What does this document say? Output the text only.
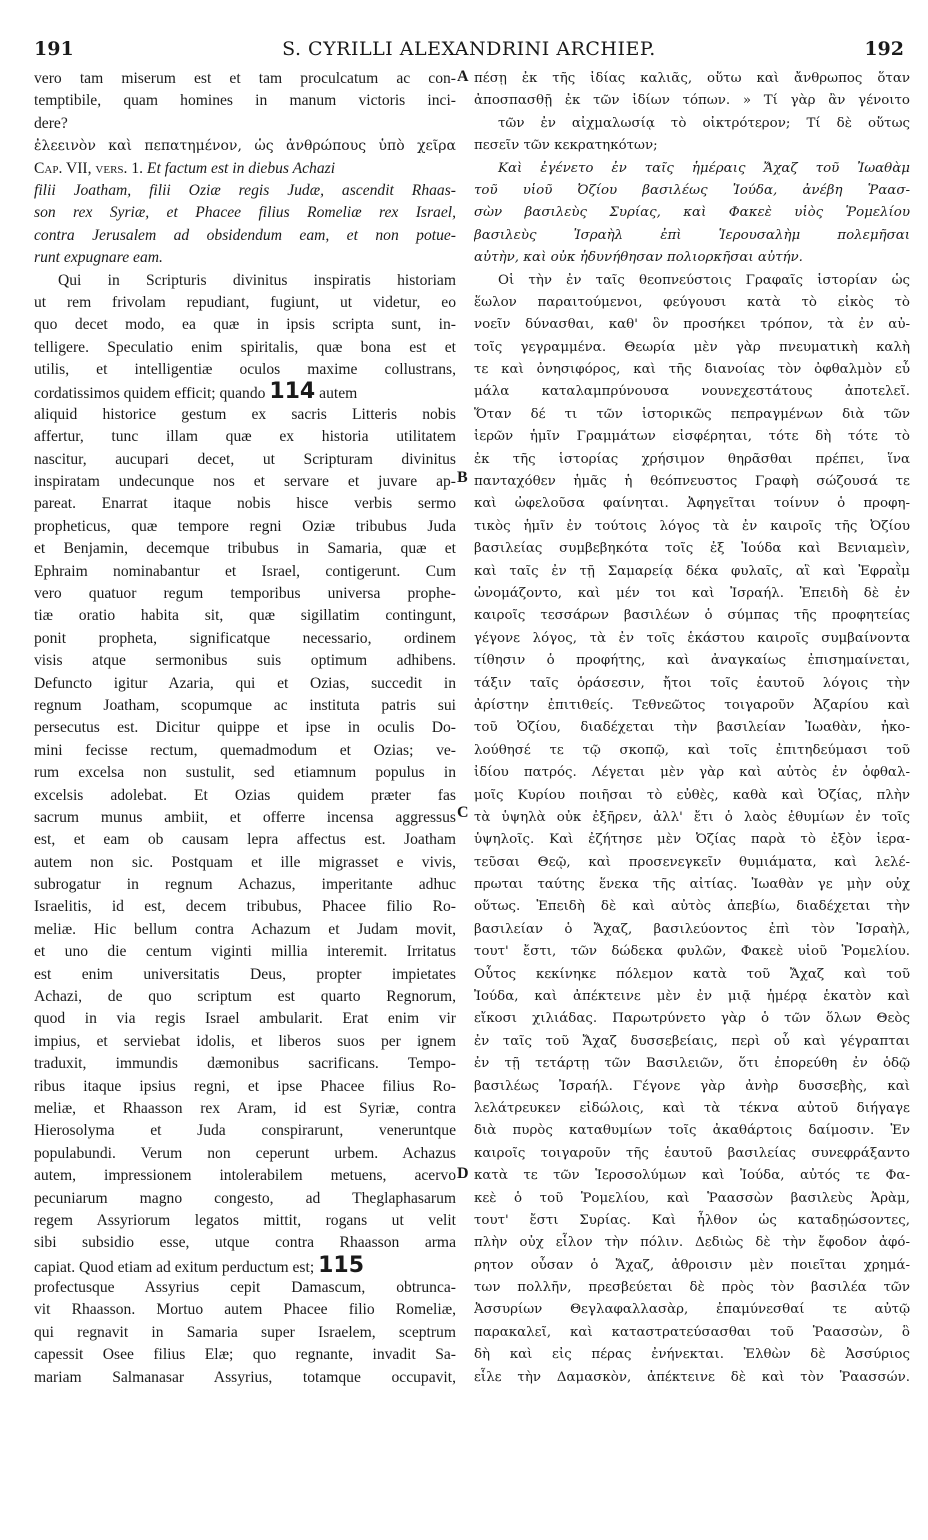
191	S. CYRILLI ALEXANDRINI ARCHIEP.	192
A
B
C
D
vero tam miserum est et tam proculcatum ac con-
temptibile, quam homines in manum victoris inci-
dere?
ἐλεεινὸν καὶ πεπατημένον, ὡς ἀνθρώπους ὑπὸ χεῖρα
Cap. VII, vers. 1. Et factum est in diebus Achazi
filii Joatham, filii Oziæ regis Judæ, ascendit Rhaas-
son rex Syriæ, et Phacee filius Romeliæ rex Israel,
contra Jerusalem ad obsidendum eam, et non potue-
runt expugnare eam.
Qui in Scripturis divinitus inspiratis historiam
ut rem frivolam repudiant, fugiunt, ut videtur, eo
quo decet modo, ea quæ in ipsis scripta sunt, in-
telligere. Speculatio enim spiritalis, quæ bona est et
utilis, et intelligentiæ oculos maxime collustrans,
cordatissimos quidem efficit; quando 114 autem
aliquid historice gestum ex sacris Litteris nobis
affertur, tunc illam quæ ex historia utilitatem
nascitur, aucupari decet, ut Scripturam divinitus
inspiratam undecunque nos et servare et juvare ap-
pareat. Enarrat itaque nobis hisce verbis sermo
propheticus, quæ tempore regni Oziæ tribubus Juda
et Benjamin, decemque tribubus in Samaria, quæ et
Ephraim nominabantur et Israel, contigerunt. Cum
vero quatuor regum temporibus universa prophe-
tiæ oratio habita sit, quæ sigillatim contingunt,
ponit propheta, significatque necessario, ordinem
visis atque sermonibus suis optimum adhibens.
Defuncto igitur Azaria, qui et Ozias, succedit in
regnum Joatham, scopumque ac instituta patris sui
persecutus est. Dicitur quippe et ipse in oculis Do-
mini fecisse rectum, quemadmodum et Ozias; ve-
rum excelsa non sustulit, sed etiamnum populus in
excelsis adolebat. Et Ozias quidem præter fas
sacrum munus ambiit, et offerre incensa aggressus
est, et eam ob causam lepra affectus est. Joatham
autem non sic. Postquam et ille migrasset e vivis,
subrogatur in regnum Achazus, imperitante adhuc
Israelitis, id est, decem tribubus, Phacee filio Ro-
meliæ. Hic bellum contra Achazum et Judam movit,
et uno die centum viginti millia interemit. Irritatus
est enim universitatis Deus, propter impietates
Achazi, de quo scriptum est quarto Regnorum,
quod in via regis Israel ambularit. Erat enim vir
impius, et serviebat idolis, et liberos suos per ignem
traduxit, immundis dæmonibus sacrificans. Tempo-
ribus itaque ipsius regni, et ipse Phacee filius Ro-
meliæ, et Rhaasson rex Aram, id est Syriæ, contra
Hierosolyma et Juda conspirarunt, veneruntque
populabundi. Verum non ceperunt urbem. Achazus
autem, impressionem intolerabilem metuens, acervo
pecuniarum magno congesto, ad Theglaphasarum
regem Assyriorum legatos mittit, rogans ut velit
sibi subsidio esse, utque contra Rhaasson arma
capiat. Quod etiam ad exitum perductum est; 115
profectusque Assyrius cepit Damascum, obtrunca-
vit Rhaasson. Mortuo autem Phacee filio Romeliæ,
qui regnavit in Samaria super Israelem, sceptrum
capessit Osee filius Elæ; quo regnante, invadit Sa-
mariam Salmanasar Assyrius, totamque occupavit,
πέσῃ ἐκ τῆς ἰδίας καλιᾶς, οὕτω καὶ ἄνθρωπος ὅταν
ἀποσπασθῇ ἐκ τῶν ἰδίων τόπων. » Τί γὰρ ἂν γένοιτο
τῶν ἐν αἰχμαλωσίᾳ τὸ οἰκτρότερον; Τί δὲ οὕτως
πεσεῖν τῶν κεκρατηκότων;
Καὶ ἐγένετο ἐν ταῖς ἡμέραις Ἄχαζ τοῦ Ἰωαθὰμ
τοῦ υἱοῦ Ὀζίου βασιλέως Ἰούδα, ἀνέβη Ῥαασ-
σὼν βασιλεὺς Συρίας, καὶ Φακεὲ υἱὸς Ῥομελίου
βασιλεὺς Ἰσραὴλ ἐπὶ Ἱερουσαλὴμ πολεμῆσαι
αὐτὴν, καὶ οὐκ ἠδυνήθησαν πολιορκῆσαι αὐτήν.
Οἱ τὴν ἐν ταῖς θεοπνεύστοις Γραφαῖς ἱστορίαν ὡς
ἕωλον παραιτούμενοι, φεύγουσι κατὰ τὸ εἰκὸς τὸ
νοεῖν δύνασθαι, καθ' ὃν προσήκει τρόπον, τὰ ἐν αὐ-
τοῖς γεγραμμένα. Θεωρία μὲν γὰρ πνευματικὴ καλὴ
τε καὶ ὀνησιφόρος, καὶ τῆς διανοίας τὸν ὀφθαλμὸν εὖ
μάλα καταλαμπρύνουσα νουνεχεστάτους ἀποτελεῖ.
Ὅταν δέ τι τῶν ἱστορικῶς πεπραγμένων διὰ τῶν
ἱερῶν ἡμῖν Γραμμάτων εἰσφέρηται, τότε δὴ τότε τὸ
ἐκ τῆς ἱστορίας χρήσιμον θηρᾶσθαι πρέπει, ἵνα
πανταχόθεν ἡμᾶς ἡ θεόπνευστος Γραφὴ σώζουσά τε
καὶ ὠφελοῦσα φαίνηται. Ἀφηγεῖται τοίνυν ὁ προφη-
τικὸς ἡμῖν ἐν τούτοις λόγος τὰ ἐν καιροῖς τῆς Ὀζίου
βασιλείας συμβεβηκότα τοῖς ἐξ Ἰούδα καὶ Βενιαμεὶν,
καὶ ταῖς ἐν τῇ Σαμαρείᾳ δέκα φυλαῖς, αἳ καὶ Ἐφραῒμ
ὠνομάζοντο, καὶ μέν τοι καὶ Ἰσραήλ. Ἐπειδὴ δὲ ἐν
καιροῖς τεσσάρων βασιλέων ὁ σύμπας τῆς προφητείας
γέγονε λόγος, τὰ ἐν τοῖς ἑκάστου καιροῖς συμβαίνοντα
τίθησιν ὁ προφήτης, καὶ ἀναγκαίως ἐπισημαίνεται,
τάξιν ταῖς ὁράσεσιν, ἤτοι τοῖς ἑαυτοῦ λόγοις τὴν
ἀρίστην ἐπιτιθείς. Τεθνεῶτος τοιγαροῦν Ἀζαρίου καὶ
τοῦ Ὀζίου, διαδέχεται τὴν βασιλείαν Ἰωαθὰν, ἠκο-
λούθησέ τε τῷ σκοπῷ, καὶ τοῖς ἐπιτηδεύμασι τοῦ
ἰδίου πατρός. Λέγεται μὲν γὰρ καὶ αὐτὸς ἐν ὀφθαλ-
μοῖς Κυρίου ποιῆσαι τὸ εὐθὲς, καθὰ καὶ Ὀζίας, πλὴν
τὰ ὑψηλὰ οὐκ ἐξῆρεν, ἀλλ' ἔτι ὁ λαὸς ἐθυμίων ἐν τοῖς
ὑψηλοῖς. Καὶ ἐζήτησε μὲν Ὀζίας παρὰ τὸ ἐξὸν ἱερα-
τεῦσαι Θεῷ, καὶ προσενεγκεῖν θυμιάματα, καὶ λελέ-
πρωται ταύτης ἕνεκα τῆς αἰτίας. Ἰωαθὰν γε μὴν οὐχ
οὕτως. Ἐπειδὴ δὲ καὶ αὐτὸς ἀπεβίω, διαδέχεται τὴν
βασιλείαν ὁ Ἄχαζ, βασιλεύοντος ἐπὶ τὸν Ἰσραὴλ,
τουτ' ἔστι, τῶν δώδεκα φυλῶν, Φακεὲ υἱοῦ Ῥομελίου.
Οὗτος κεκίνηκε πόλεμον κατὰ τοῦ Ἄχαζ καὶ τοῦ
Ἰούδα, καὶ ἀπέκτεινε μὲν ἐν μιᾷ ἡμέρᾳ ἑκατὸν καὶ
εἴκοσι χιλιάδας. Παρωτρύνετο γὰρ ὁ τῶν ὅλων Θεὸς
ἐν ταῖς τοῦ Ἄχαζ δυσσεβείαις, περὶ οὗ καὶ γέγραπται
ἐν τῇ τετάρτῃ τῶν Βασιλειῶν, ὅτι ἐπορεύθη ἐν ὁδῷ
βασιλέως Ἰσραήλ. Γέγονε γὰρ ἀνὴρ δυσσεβὴς, καὶ
λελάτρευκεν εἰδώλοις, καὶ τὰ τέκνα αὐτοῦ διήγαγε
διὰ πυρὸς καταθυμίων τοῖς ἀκαθάρτοις δαίμοσιν. Ἐν
καιροῖς τοιγαροῦν τῆς ἑαυτοῦ βασιλείας συνεφράξαντο
κατὰ τε τῶν Ἱεροσολύμων καὶ Ἰούδα, αὐτός τε Φα-
κεὲ ὁ τοῦ Ῥομελίου, καὶ Ῥαασσὼν βασιλεὺς Ἀρὰμ,
τουτ' ἔστι Συρίας. Καὶ ἦλθον ὡς καταδῃώσοντες,
πλὴν οὐχ εἷλον τὴν πόλιν. Δεδιὼς δὲ τὴν ἔφοδον ἀφό-
ρητον οὖσαν ὁ Ἄχαζ, ἀθροισιν μὲν ποιεῖται χρημά-
των πολλῆν, πρεσβεύεται δὲ πρὸς τὸν βασιλέα τῶν
Ἀσσυρίων Θεγλαφαλλασὰρ, ἐπαμύνεσθαί τε αὐτῷ
παρακαλεῖ, καὶ καταστρατεύσασθαι τοῦ Ῥαασσὼν, ὃ
δὴ καὶ εἰς πέρας ἐνήνεκται. Ἐλθὼν δὲ Ἀσσύριος
εἷλε τὴν Δαμασκὸν, ἀπέκτεινε δὲ καὶ τὸν Ῥαασσών.
